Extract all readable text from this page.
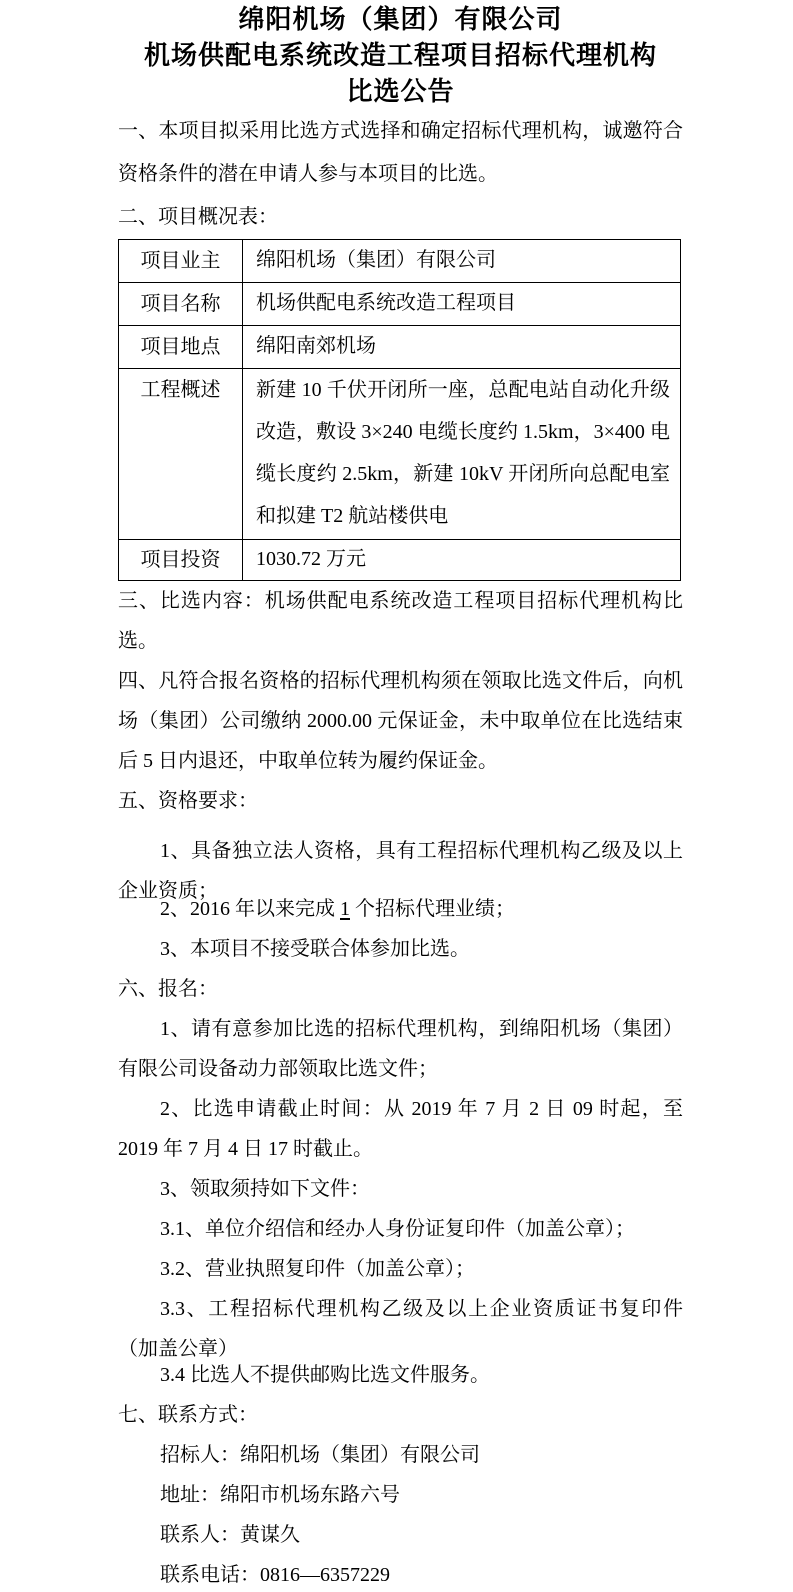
绵阳机场（集团）有限公司
机场供配电系统改造工程项目招标代理机构
比选公告

一、本项目拟采用比选方式选择和确定招标代理机构，诚邀符合资格条件的潜在申请人参与本项目的比选。

二、项目概况表：

项目业主	绵阳机场（集团）有限公司
项目名称	机场供配电系统改造工程项目
项目地点	绵阳南郊机场
工程概述	新建 10 千伏开闭所一座，总配电站自动化升级改造，敷设 3×240 电缆长度约 1.5km，3×400 电缆长度约 2.5km，新建 10kV 开闭所向总配电室和拟建 T2 航站楼供电
项目投资	1030.72 万元

三、比选内容：机场供配电系统改造工程项目招标代理机构比选。

四、凡符合报名资格的招标代理机构须在领取比选文件后，向机场（集团）公司缴纳 2000.00 元保证金，未中取单位在比选结束后 5 日内退还，中取单位转为履约保证金。

五、资格要求：

1、具备独立法人资格，具有工程招标代理机构乙级及以上企业资质；

2、2016 年以来完成 1 个招标代理业绩；

3、本项目不接受联合体参加比选。

六、报名：

1、请有意参加比选的招标代理机构，到绵阳机场（集团）有限公司设备动力部领取比选文件；

2、比选申请截止时间：从 2019 年 7 月 2 日 09 时起，至 2019 年 7 月 4 日 17 时截止。

3、领取须持如下文件：

3.1、单位介绍信和经办人身份证复印件（加盖公章）；

3.2、营业执照复印件（加盖公章）；

3.3、工程招标代理机构乙级及以上企业资质证书复印件（加盖公章）

3.4 比选人不提供邮购比选文件服务。

七、联系方式：

招标人：绵阳机场（集团）有限公司

地址：绵阳市机场东路六号

联系人：黄谋久

联系电话：0816—6357229
